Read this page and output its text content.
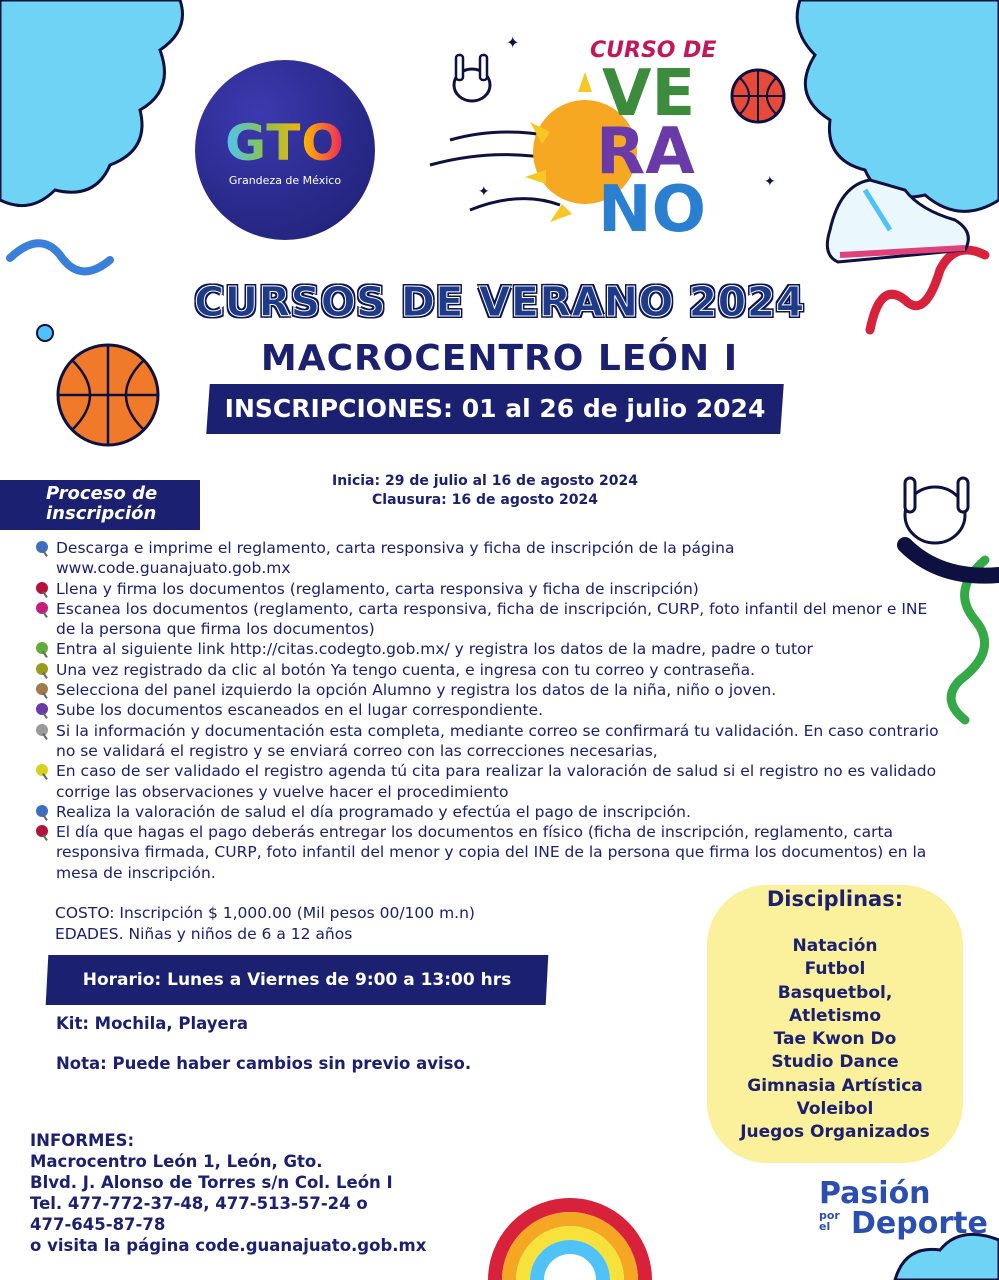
✦
✦
✦
GTO
Grandeza de México
CURSO DE
VE
RA
NO
CURSOS DE VERANO 2024
MACROCENTRO LEÓN I
INSCRIPCIONES: 01 al 26 de julio 2024
Inicia: 29 de julio al 16 de agosto 2024
Clausura: 16 de agosto 2024
Proceso de
inscripción
Descarga e imprime el reglamento, carta responsiva y ficha de inscripción de la página
www.code.guanajuato.gob.mx
Llena y firma los documentos (reglamento, carta responsiva y ficha de inscripción)
Escanea los documentos (reglamento, carta responsiva, ficha de inscripción, CURP, foto infantil del menor e INE de la persona que firma los documentos)
Entra al siguiente link http://citas.codegto.gob.mx/ y registra los datos de la madre, padre o tutor
Una vez registrado da clic al botón Ya tengo cuenta, e ingresa con tu correo y contraseña.
Selecciona del panel izquierdo la opción Alumno y registra los datos de la niña, niño o joven.
Sube los documentos escaneados en el lugar correspondiente.
Si la información y documentación esta completa, mediante correo se confirmará tu validación. En caso contrario no se validará el registro y se enviará correo con las correcciones necesarias,
En caso de ser validado el registro agenda tú cita para realizar la valoración de salud si el registro no es validado corrige las observaciones y vuelve hacer el procedimiento
Realiza la valoración de salud el día programado y efectúa el pago de inscripción.
El día que hagas el pago deberás entregar los documentos en físico (ficha de inscripción, reglamento, carta responsiva firmada, CURP, foto infantil del menor y copia del INE de la persona que firma los documentos) en la mesa de inscripción.
COSTO: Inscripción $ 1,000.00 (Mil pesos 00/100 m.n)
EDADES. Niñas y niños de 6 a 12 años
Horario: Lunes a Viernes de 9:00 a 13:00 hrs
Kit: Mochila, Playera
Nota: Puede haber cambios sin previo aviso.
INFORMES:
Macrocentro León 1, León, Gto.
Blvd. J. Alonso de Torres s/n Col. León I
Tel. 477-772-37-48, 477-513-57-24 o
477-645-87-78
o visita la página code.guanajuato.gob.mx
Disciplinas:
Natación
Futbol
Basquetbol,
Atletismo
Tae Kwon Do
Studio Dance
Gimnasia Artística
Voleibol
Juegos Organizados
Pasión
por el Deporte
